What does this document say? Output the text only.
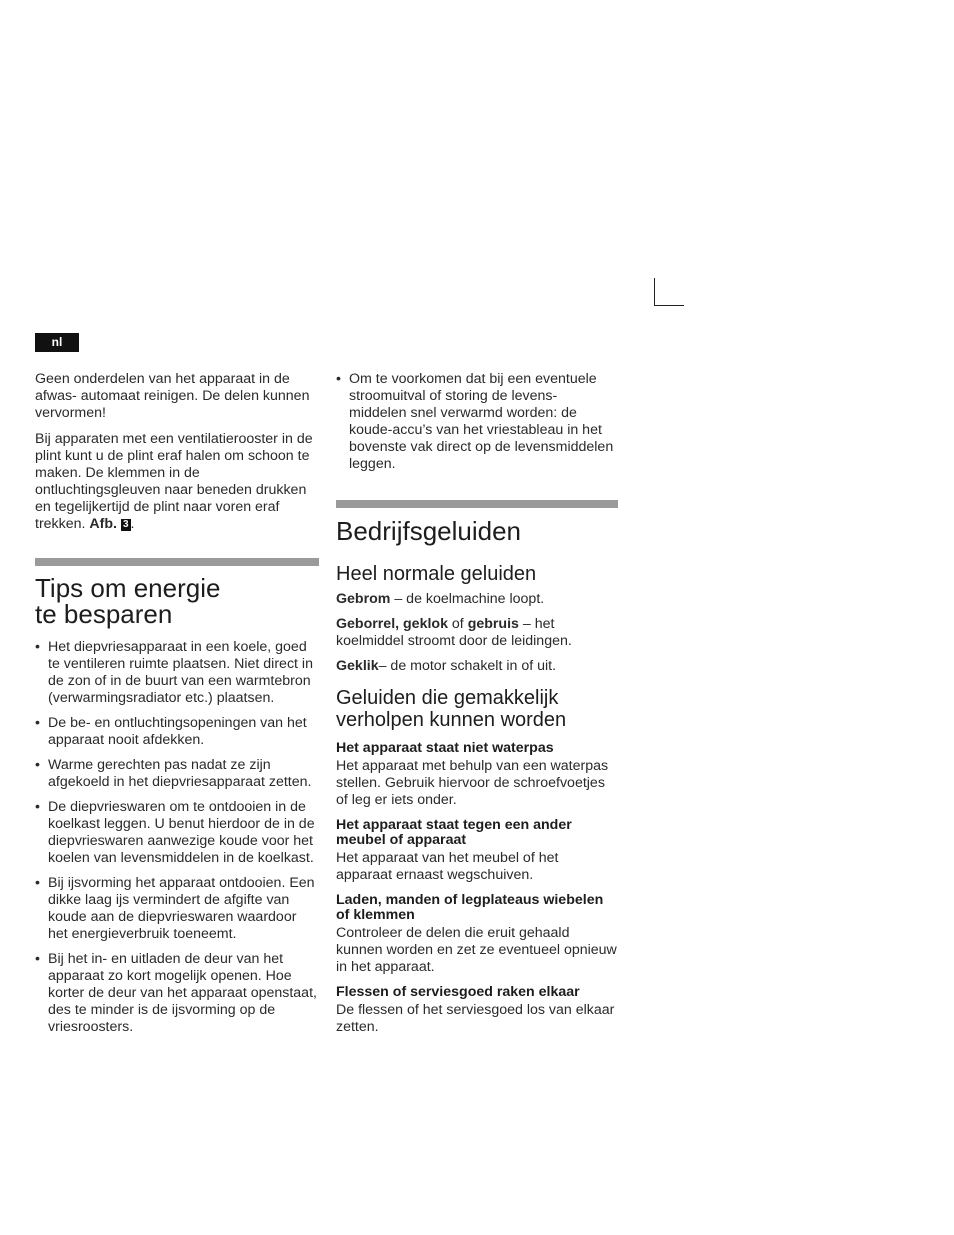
nl

Geen onderdelen van het apparaat in de afwas- automaat reinigen. De delen kunnen vervormen!

Bij apparaten met een ventilatierooster in de plint kunt u de plint eraf halen om schoon te maken. De klemmen in de ontluchtingsgleuven naar beneden drukken en tegelijkertijd de plint naar voren eraf trekken. Afb. 3 .

Tips om energie
te besparen
• Het diepvriesapparaat in een koele, goed te ventileren ruimte plaatsen. Niet direct in de zon of in de buurt van een warmtebron (verwarmingsradiator etc.) plaatsen.
• De be- en ontluchtingsopeningen van het apparaat nooit afdekken.
• Warme gerechten pas nadat ze zijn afgekoeld in het diepvriesapparaat zetten.
• De diepvrieswaren om te ontdooien in de koelkast leggen. U benut hierdoor de in de diepvrieswaren aanwezige koude voor het koelen van levensmiddelen in de koelkast.
• Bij ijsvorming het apparaat ontdooien. Een dikke laag ijs vermindert de afgifte van koude aan de diepvrieswaren waardoor het energieverbruik toeneemt.
• Bij het in- en uitladen de deur van het apparaat zo kort mogelijk openen. Hoe korter de deur van het apparaat openstaat, des te minder is de ijsvorming op de vriesroosters.
• Om te voorkomen dat bij een eventuele stroomuitval of storing de levens- middelen snel verwarmd worden: de koude-accu’s van het vriestableau in het bovenste vak direct op de levensmiddelen leggen.
Bedrijfsgeluiden
Heel normale geluiden

Gebrom – de koelmachine loopt.

Geborrel, geklok of gebruis – het koelmiddel stroomt door de leidingen.

Geklik– de motor schakelt in of uit.

Geluiden die gemakkelijk verholpen kunnen worden
Het apparaat staat niet waterpas

Het apparaat met behulp van een waterpas stellen. Gebruik hiervoor de schroefvoetjes of leg er iets onder.

Het apparaat staat tegen een ander meubel of apparaat

Het apparaat van het meubel of het apparaat ernaast wegschuiven.

Laden, manden of legplateaus wiebelen of klemmen

Controleer de delen die eruit gehaald kunnen worden en zet ze eventueel opnieuw in het apparaat.

Flessen of serviesgoed raken elkaar

De flessen of het serviesgoed los van elkaar zetten.
